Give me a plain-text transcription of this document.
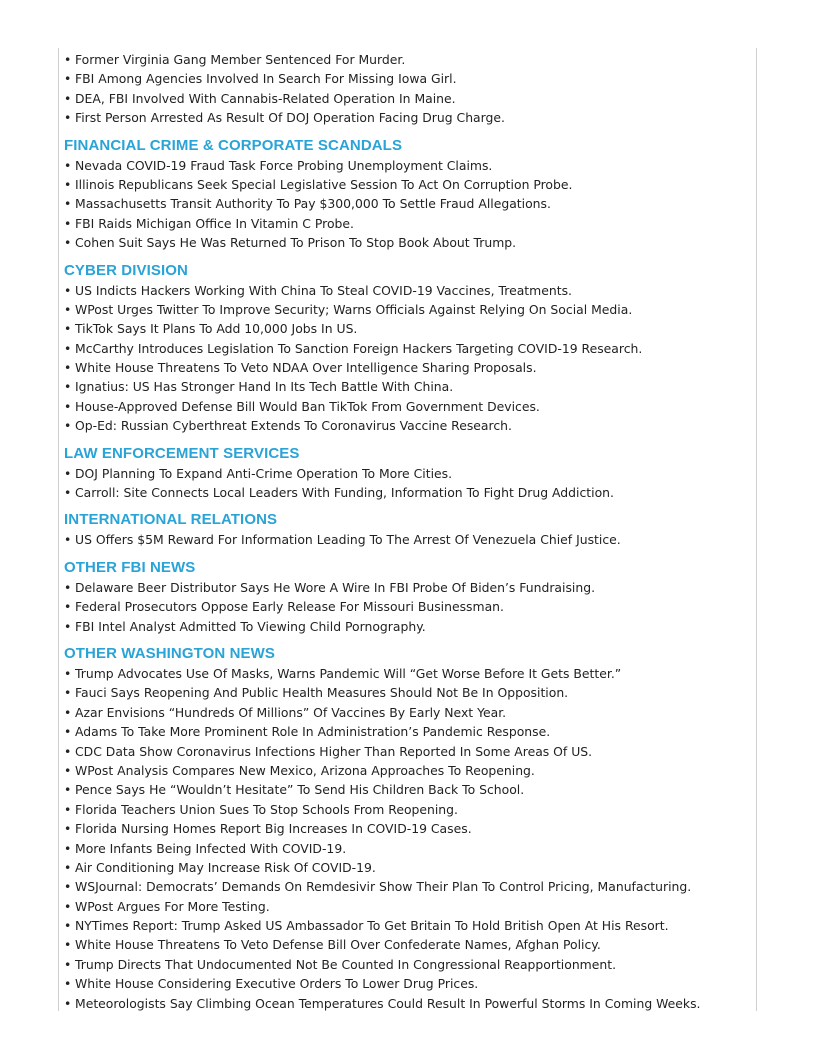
• Former Virginia Gang Member Sentenced For Murder.
• FBI Among Agencies Involved In Search For Missing Iowa Girl.
• DEA, FBI Involved With Cannabis-Related Operation In Maine.
• First Person Arrested As Result Of DOJ Operation Facing Drug Charge.
FINANCIAL CRIME & CORPORATE SCANDALS
• Nevada COVID-19 Fraud Task Force Probing Unemployment Claims.
• Illinois Republicans Seek Special Legislative Session To Act On Corruption Probe.
• Massachusetts Transit Authority To Pay $300,000 To Settle Fraud Allegations.
• FBI Raids Michigan Office In Vitamin C Probe.
• Cohen Suit Says He Was Returned To Prison To Stop Book About Trump.
CYBER DIVISION
• US Indicts Hackers Working With China To Steal COVID-19 Vaccines, Treatments.
• WPost Urges Twitter To Improve Security; Warns Officials Against Relying On Social Media.
• TikTok Says It Plans To Add 10,000 Jobs In US.
• McCarthy Introduces Legislation To Sanction Foreign Hackers Targeting COVID-19 Research.
• White House Threatens To Veto NDAA Over Intelligence Sharing Proposals.
• Ignatius: US Has Stronger Hand In Its Tech Battle With China.
• House-Approved Defense Bill Would Ban TikTok From Government Devices.
• Op-Ed: Russian Cyberthreat Extends To Coronavirus Vaccine Research.
LAW ENFORCEMENT SERVICES
• DOJ Planning To Expand Anti-Crime Operation To More Cities.
• Carroll: Site Connects Local Leaders With Funding, Information To Fight Drug Addiction.
INTERNATIONAL RELATIONS
• US Offers $5M Reward For Information Leading To The Arrest Of Venezuela Chief Justice.
OTHER FBI NEWS
• Delaware Beer Distributor Says He Wore A Wire In FBI Probe Of Biden’s Fundraising.
• Federal Prosecutors Oppose Early Release For Missouri Businessman.
• FBI Intel Analyst Admitted To Viewing Child Pornography.
OTHER WASHINGTON NEWS
• Trump Advocates Use Of Masks, Warns Pandemic Will “Get Worse Before It Gets Better.”
• Fauci Says Reopening And Public Health Measures Should Not Be In Opposition.
• Azar Envisions “Hundreds Of Millions” Of Vaccines By Early Next Year.
• Adams To Take More Prominent Role In Administration’s Pandemic Response.
• CDC Data Show Coronavirus Infections Higher Than Reported In Some Areas Of US.
• WPost Analysis Compares New Mexico, Arizona Approaches To Reopening.
• Pence Says He “Wouldn’t Hesitate” To Send His Children Back To School.
• Florida Teachers Union Sues To Stop Schools From Reopening.
• Florida Nursing Homes Report Big Increases In COVID-19 Cases.
• More Infants Being Infected With COVID-19.
• Air Conditioning May Increase Risk Of COVID-19.
• WSJournal: Democrats’ Demands On Remdesivir Show Their Plan To Control Pricing, Manufacturing.
• WPost Argues For More Testing.
• NYTimes Report: Trump Asked US Ambassador To Get Britain To Hold British Open At His Resort.
• White House Threatens To Veto Defense Bill Over Confederate Names, Afghan Policy.
• Trump Directs That Undocumented Not Be Counted In Congressional Reapportionment.
• White House Considering Executive Orders To Lower Drug Prices.
• Meteorologists Say Climbing Ocean Temperatures Could Result In Powerful Storms In Coming Weeks.
